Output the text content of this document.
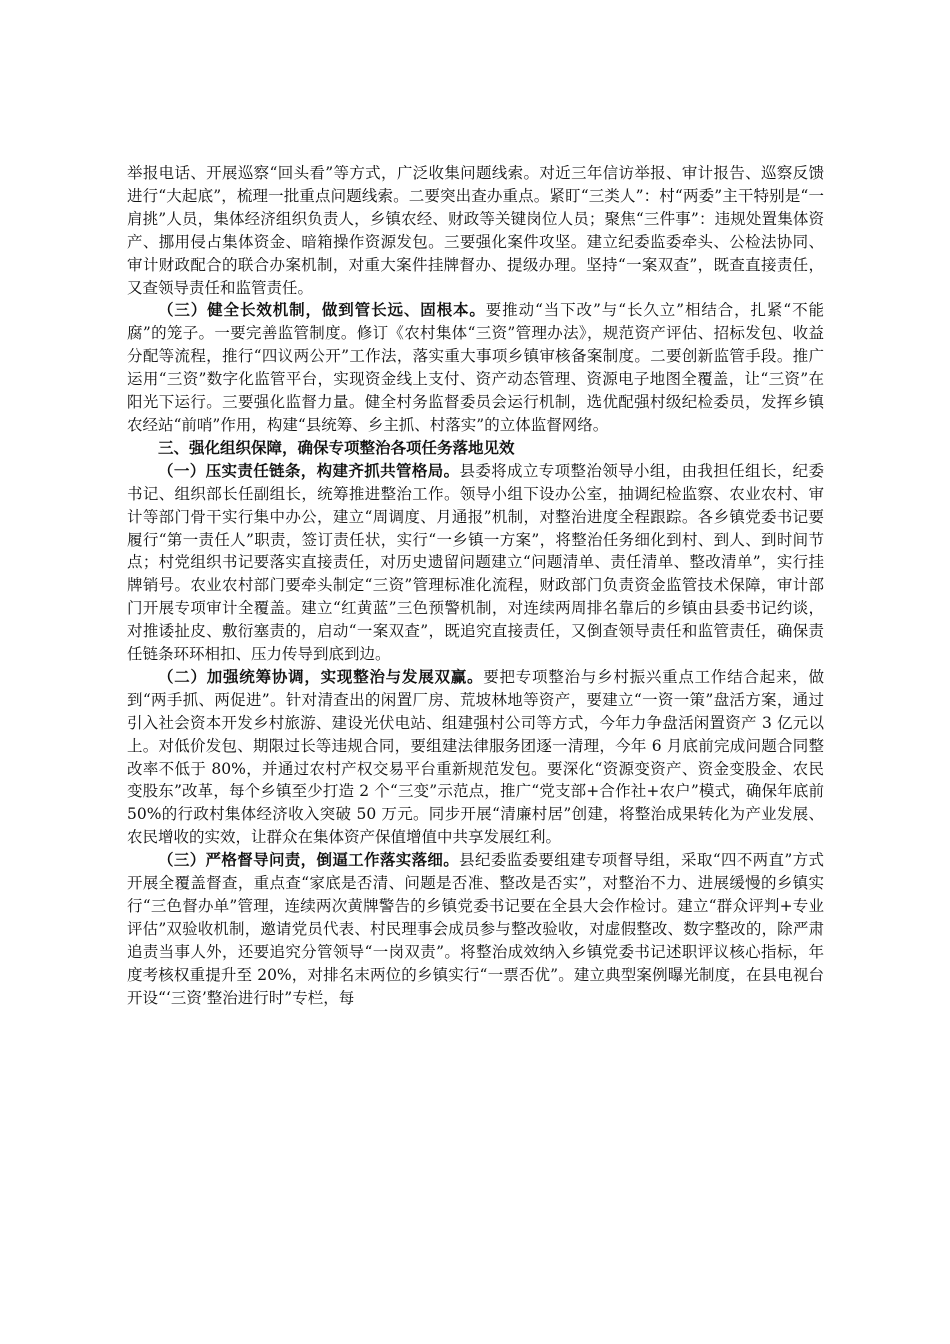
举报电话、开展巡察“回头看”等方式，广泛收集问题线索。对近三年信访举报、审计报告、巡察反馈进行“大起底”，梳理一批重点问题线索。二要突出查办重点。紧盯“三类人”：村“两委”主干特别是“一肩挑”人员，集体经济组织负责人，乡镇农经、财政等关键岗位人员；聚焦“三件事”：违规处置集体资产、挪用侵占集体资金、暗箱操作资源发包。三要强化案件攻坚。建立纪委监委牵头、公检法协同、审计财政配合的联合办案机制，对重大案件挂牌督办、提级办理。坚持“一案双查”，既查直接责任，又查领导责任和监管责任。

（三）健全长效机制，做到管长远、固根本。要推动“当下改”与“长久立”相结合，扎紧“不能腐”的笼子。一要完善监管制度。修订《农村集体“三资”管理办法》，规范资产评估、招标发包、收益分配等流程，推行“四议两公开”工作法，落实重大事项乡镇审核备案制度。二要创新监管手段。推广运用“三资”数字化监管平台，实现资金线上支付、资产动态管理、资源电子地图全覆盖，让“三资”在阳光下运行。三要强化监督力量。健全村务监督委员会运行机制，选优配强村级纪检委员，发挥乡镇农经站“前哨”作用，构建“县统筹、乡主抓、村落实”的立体监督网络。

三、强化组织保障，确保专项整治各项任务落地见效

（一）压实责任链条，构建齐抓共管格局。县委将成立专项整治领导小组，由我担任组长，纪委书记、组织部长任副组长，统筹推进整治工作。领导小组下设办公室，抽调纪检监察、农业农村、审计等部门骨干实行集中办公，建立“周调度、月通报”机制，对整治进度全程跟踪。各乡镇党委书记要履行“第一责任人”职责，签订责任状，实行“一乡镇一方案”，将整治任务细化到村、到人、到时间节点；村党组织书记要落实直接责任，对历史遗留问题建立“问题清单、责任清单、整改清单”，实行挂牌销号。农业农村部门要牵头制定“三资”管理标准化流程，财政部门负责资金监管技术保障，审计部门开展专项审计全覆盖。建立“红黄蓝”三色预警机制，对连续两周排名靠后的乡镇由县委书记约谈，对推诿扯皮、敷衍塞责的，启动“一案双查”，既追究直接责任，又倒查领导责任和监管责任，确保责任链条环环相扣、压力传导到底到边。

（二）加强统筹协调，实现整治与发展双赢。要把专项整治与乡村振兴重点工作结合起来，做到“两手抓、两促进”。针对清查出的闲置厂房、荒坡林地等资产，要建立“一资一策”盘活方案，通过引入社会资本开发乡村旅游、建设光伏电站、组建强村公司等方式，今年力争盘活闲置资产 3 亿元以上。对低价发包、期限过长等违规合同，要组建法律服务团逐一清理，今年 6 月底前完成问题合同整改率不低于 80%，并通过农村产权交易平台重新规范发包。要深化“资源变资产、资金变股金、农民变股东”改革，每个乡镇至少打造 2 个“三变”示范点，推广“党支部+合作社+农户”模式，确保年底前 50%的行政村集体经济收入突破 50 万元。同步开展“清廉村居”创建，将整治成果转化为产业发展、农民增收的实效，让群众在集体资产保值增值中共享发展红利。

（三）严格督导问责，倒逼工作落实落细。县纪委监委要组建专项督导组，采取“四不两直”方式开展全覆盖督查，重点查“家底是否清、问题是否准、整改是否实”，对整治不力、进展缓慢的乡镇实行“三色督办单”管理，连续两次黄牌警告的乡镇党委书记要在全县大会作检讨。建立“群众评判+专业评估”双验收机制，邀请党员代表、村民理事会成员参与整改验收，对虚假整改、数字整改的，除严肃追责当事人外，还要追究分管领导“一岗双责”。将整治成效纳入乡镇党委书记述职评议核心指标，年度考核权重提升至 20%，对排名末两位的乡镇实行“一票否优”。建立典型案例曝光制度，在县电视台开设“‘三资’整治进行时”专栏，每
